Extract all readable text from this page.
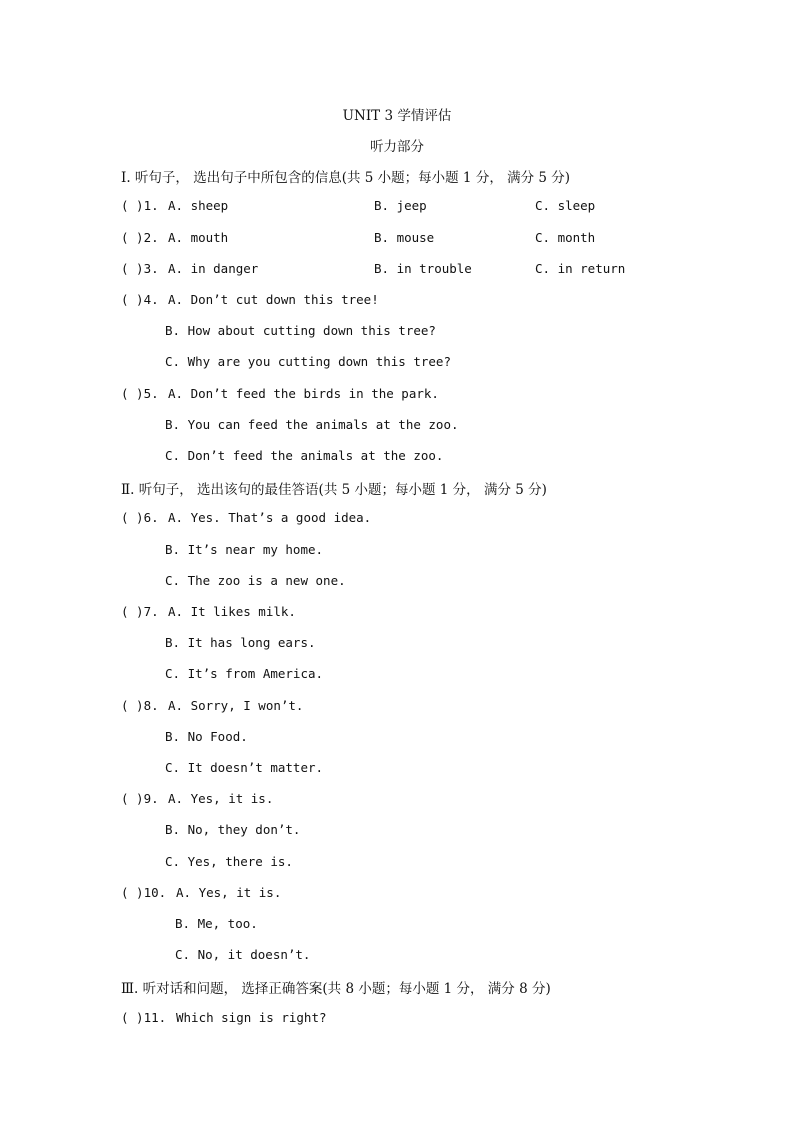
UNIT 3 学情评估
听力部分
Ⅰ. 听句子， 选出句子中所包含的信息(共 5 小题；每小题 1 分， 满分 5 分)
( )1. A. sheep	B. jeep	C. sleep
( )2. A. mouth	B. mouse	C. month
( )3. A. in danger	B. in trouble	C. in return
( )4. A. Don’t cut down this tree!
B. How about cutting down this tree?
C. Why are you cutting down this tree?
( )5. A. Don’t feed the birds in the park.
B. You can feed the animals at the zoo.
C. Don’t feed the animals at the zoo.
Ⅱ. 听句子， 选出该句的最佳答语(共 5 小题；每小题 1 分， 满分 5 分)
( )6. A. Yes. That’s a good idea.
B. It’s near my home.
C. The zoo is a new one.
( )7. A. It likes milk.
B. It has long ears.
C. It’s from America.
( )8. A. Sorry, I won’t.
B. No Food.
C. It doesn’t matter.
( )9. A. Yes, it is.
B. No, they don’t.
C. Yes, there is.
( )10. A. Yes, it is.
B. Me, too.
C. No, it doesn’t.
Ⅲ. 听对话和问题， 选择正确答案(共 8 小题；每小题 1 分， 满分 8 分)
( )11. Which sign is right?
